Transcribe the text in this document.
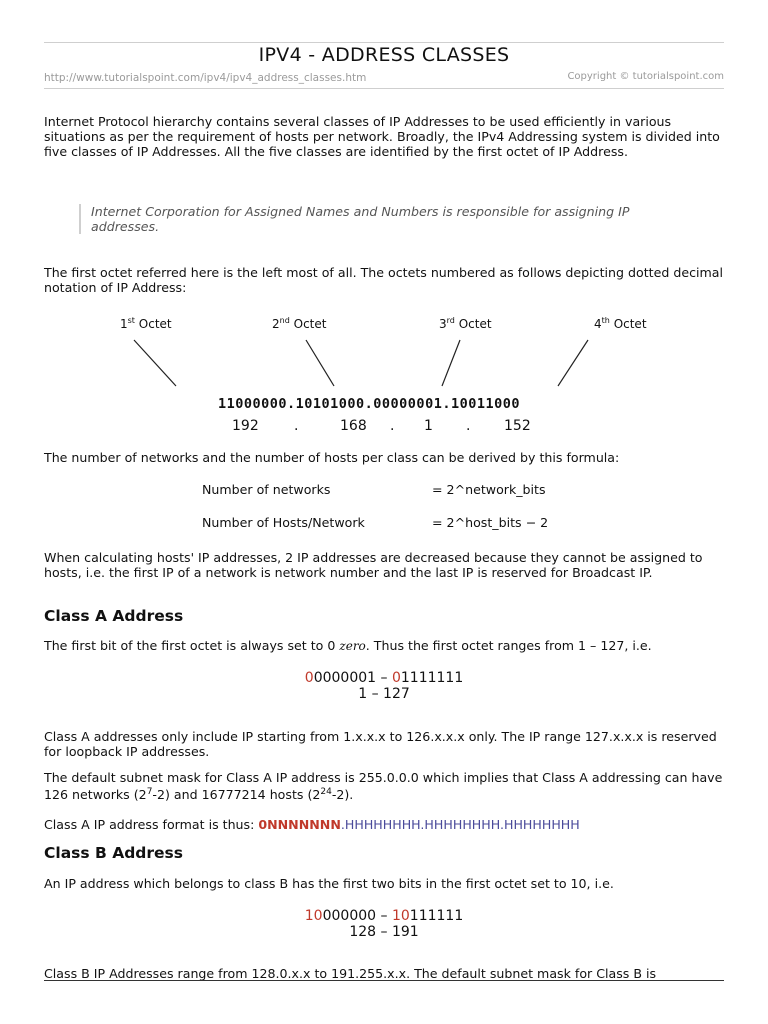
IPV4 - ADDRESS CLASSES
http://www.tutorialspoint.com/ipv4/ipv4_address_classes.htm	Copyright © tutorialspoint.com

Internet Protocol hierarchy contains several classes of IP Addresses to be used efficiently in various situations as per the requirement of hosts per network. Broadly, the IPv4 Addressing system is divided into five classes of IP Addresses. All the five classes are identified by the first octet of IP Address.

Internet Corporation for Assigned Names and Numbers is responsible for assigning IP addresses.

The first octet referred here is the left most of all. The octets numbered as follows depicting dotted decimal notation of IP Address:

1st Octet	2nd Octet	3rd Octet	4th Octet
11000000.10101000.00000001.10011000
192	.	168 . 1 . 152

The number of networks and the number of hosts per class can be derived by this formula:

Number of networks	= 2^network_bits
Number of Hosts/Network	= 2^host_bits − 2

When calculating hosts' IP addresses, 2 IP addresses are decreased because they cannot be assigned to hosts, i.e. the first IP of a network is network number and the last IP is reserved for Broadcast IP.

Class A Address

The first bit of the first octet is always set to 0 zero. Thus the first octet ranges from 1 – 127, i.e.

00000001 – 01111111
1 – 127

Class A addresses only include IP starting from 1.x.x.x to 126.x.x.x only. The IP range 127.x.x.x is reserved for loopback IP addresses.

The default subnet mask for Class A IP address is 255.0.0.0 which implies that Class A addressing can have 126 networks $(2^7-2)$ and 16777214 hosts $(2^{24}-2)$.

Class A IP address format is thus: 0NNNNNNN.HHHHHHHH.HHHHHHHH.HHHHHHHH

Class B Address

An IP address which belongs to class B has the first two bits in the first octet set to 10, i.e.

10000000 – 10111111
128 – 191

Class B IP Addresses range from 128.0.x.x to 191.255.x.x. The default subnet mask for Class B is
